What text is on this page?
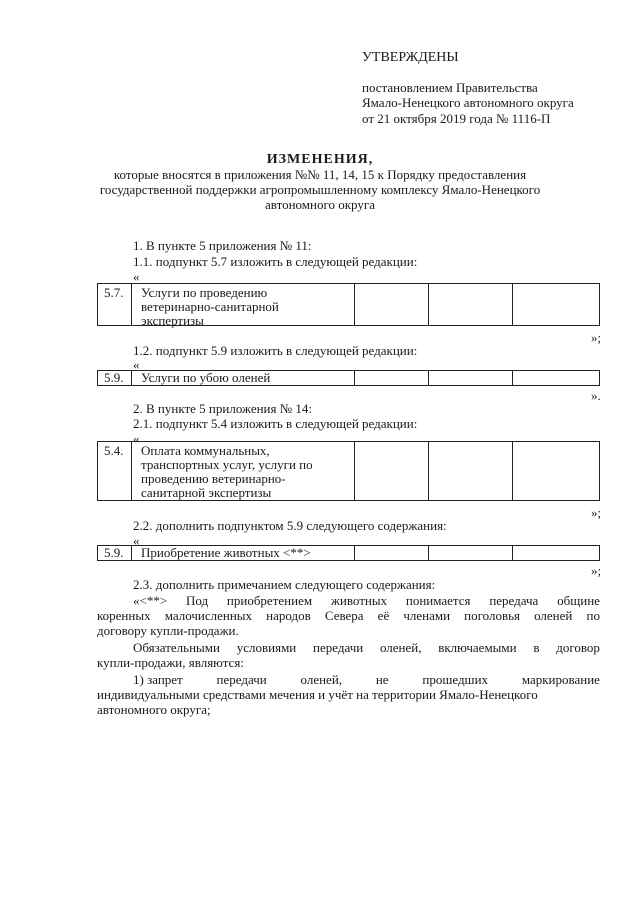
УТВЕРЖДЕНЫ
постановлением Правительства
Ямало-Ненецкого автономного округа
от 21 октября 2019 года № 1116-П
ИЗМЕНЕНИЯ,
которые вносятся в приложения №№ 11, 14, 15 к Порядку предоставления
государственной поддержки агропромышленному комплексу Ямало-Ненецкого
автономного округа
1. В пункте 5 приложения № 11:
1.1. подпункт 5.7 изложить в следующей редакции:
«
5.7. Услуги по проведению
ветеринарно-санитарной
экспертизы
»;
1.2. подпункт 5.9 изложить в следующей редакции:
«
5.9. Услуги по убою оленей
».
2. В пункте 5 приложения № 14:
2.1. подпункт 5.4 изложить в следующей редакции:
«
5.4. Оплата коммунальных,
транспортных услуг, услуги по
проведению ветеринарно-
санитарной экспертизы
»;
2.2. дополнить подпунктом 5.9 следующего содержания:
«
5.9. Приобретение животных <**>
»;
2.3. дополнить примечанием следующего содержания:
«<**> Под приобретением животных понимается передача общине
коренных малочисленных народов Севера её членами поголовья оленей по
договору купли-продажи.
Обязательными условиями передачи оленей, включаемыми в договор
купли-продажи, являются:
1) запрет	передачи	оленей,	не	прошедших	маркирование
индивидуальными средствами мечения и учёт на территории Ямало-Ненецкого
автономного округа;
